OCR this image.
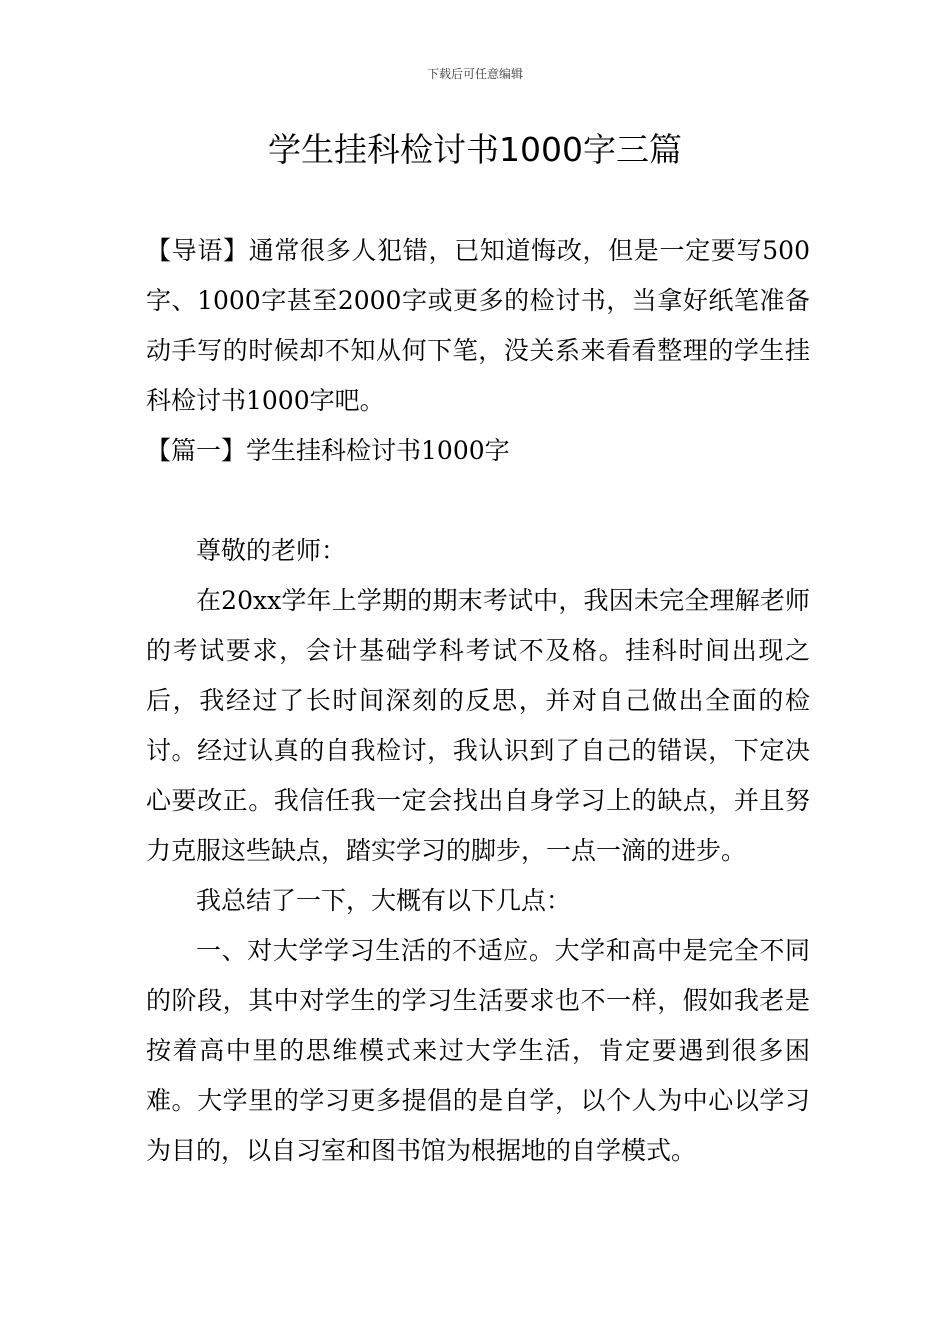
下载后可任意编辑
学生挂科检讨书1000字三篇

【导语】通常很多人犯错，已知道悔改，但是一定要写500字、1000字甚至2000字或更多的检讨书，当拿好纸笔准备动手写的时候却不知从何下笔，没关系来看看整理的学生挂科检讨书1000字吧。

【篇一】学生挂科检讨书1000字

尊敬的老师：

在20xx学年上学期的期末考试中，我因未完全理解老师的考试要求，会计基础学科考试不及格。挂科时间出现之后，我经过了长时间深刻的反思，并对自己做出全面的检讨。经过认真的自我检讨，我认识到了自己的错误，下定决心要改正。我信任我一定会找出自身学习上的缺点，并且努力克服这些缺点，踏实学习的脚步，一点一滴的进步。

我总结了一下，大概有以下几点：

一、对大学学习生活的不适应。大学和高中是完全不同的阶段，其中对学生的学习生活要求也不一样，假如我老是按着高中里的思维模式来过大学生活，肯定要遇到很多困难。大学里的学习更多提倡的是自学，以个人为中心以学习为目的，以自习室和图书馆为根据地的自学模式。
